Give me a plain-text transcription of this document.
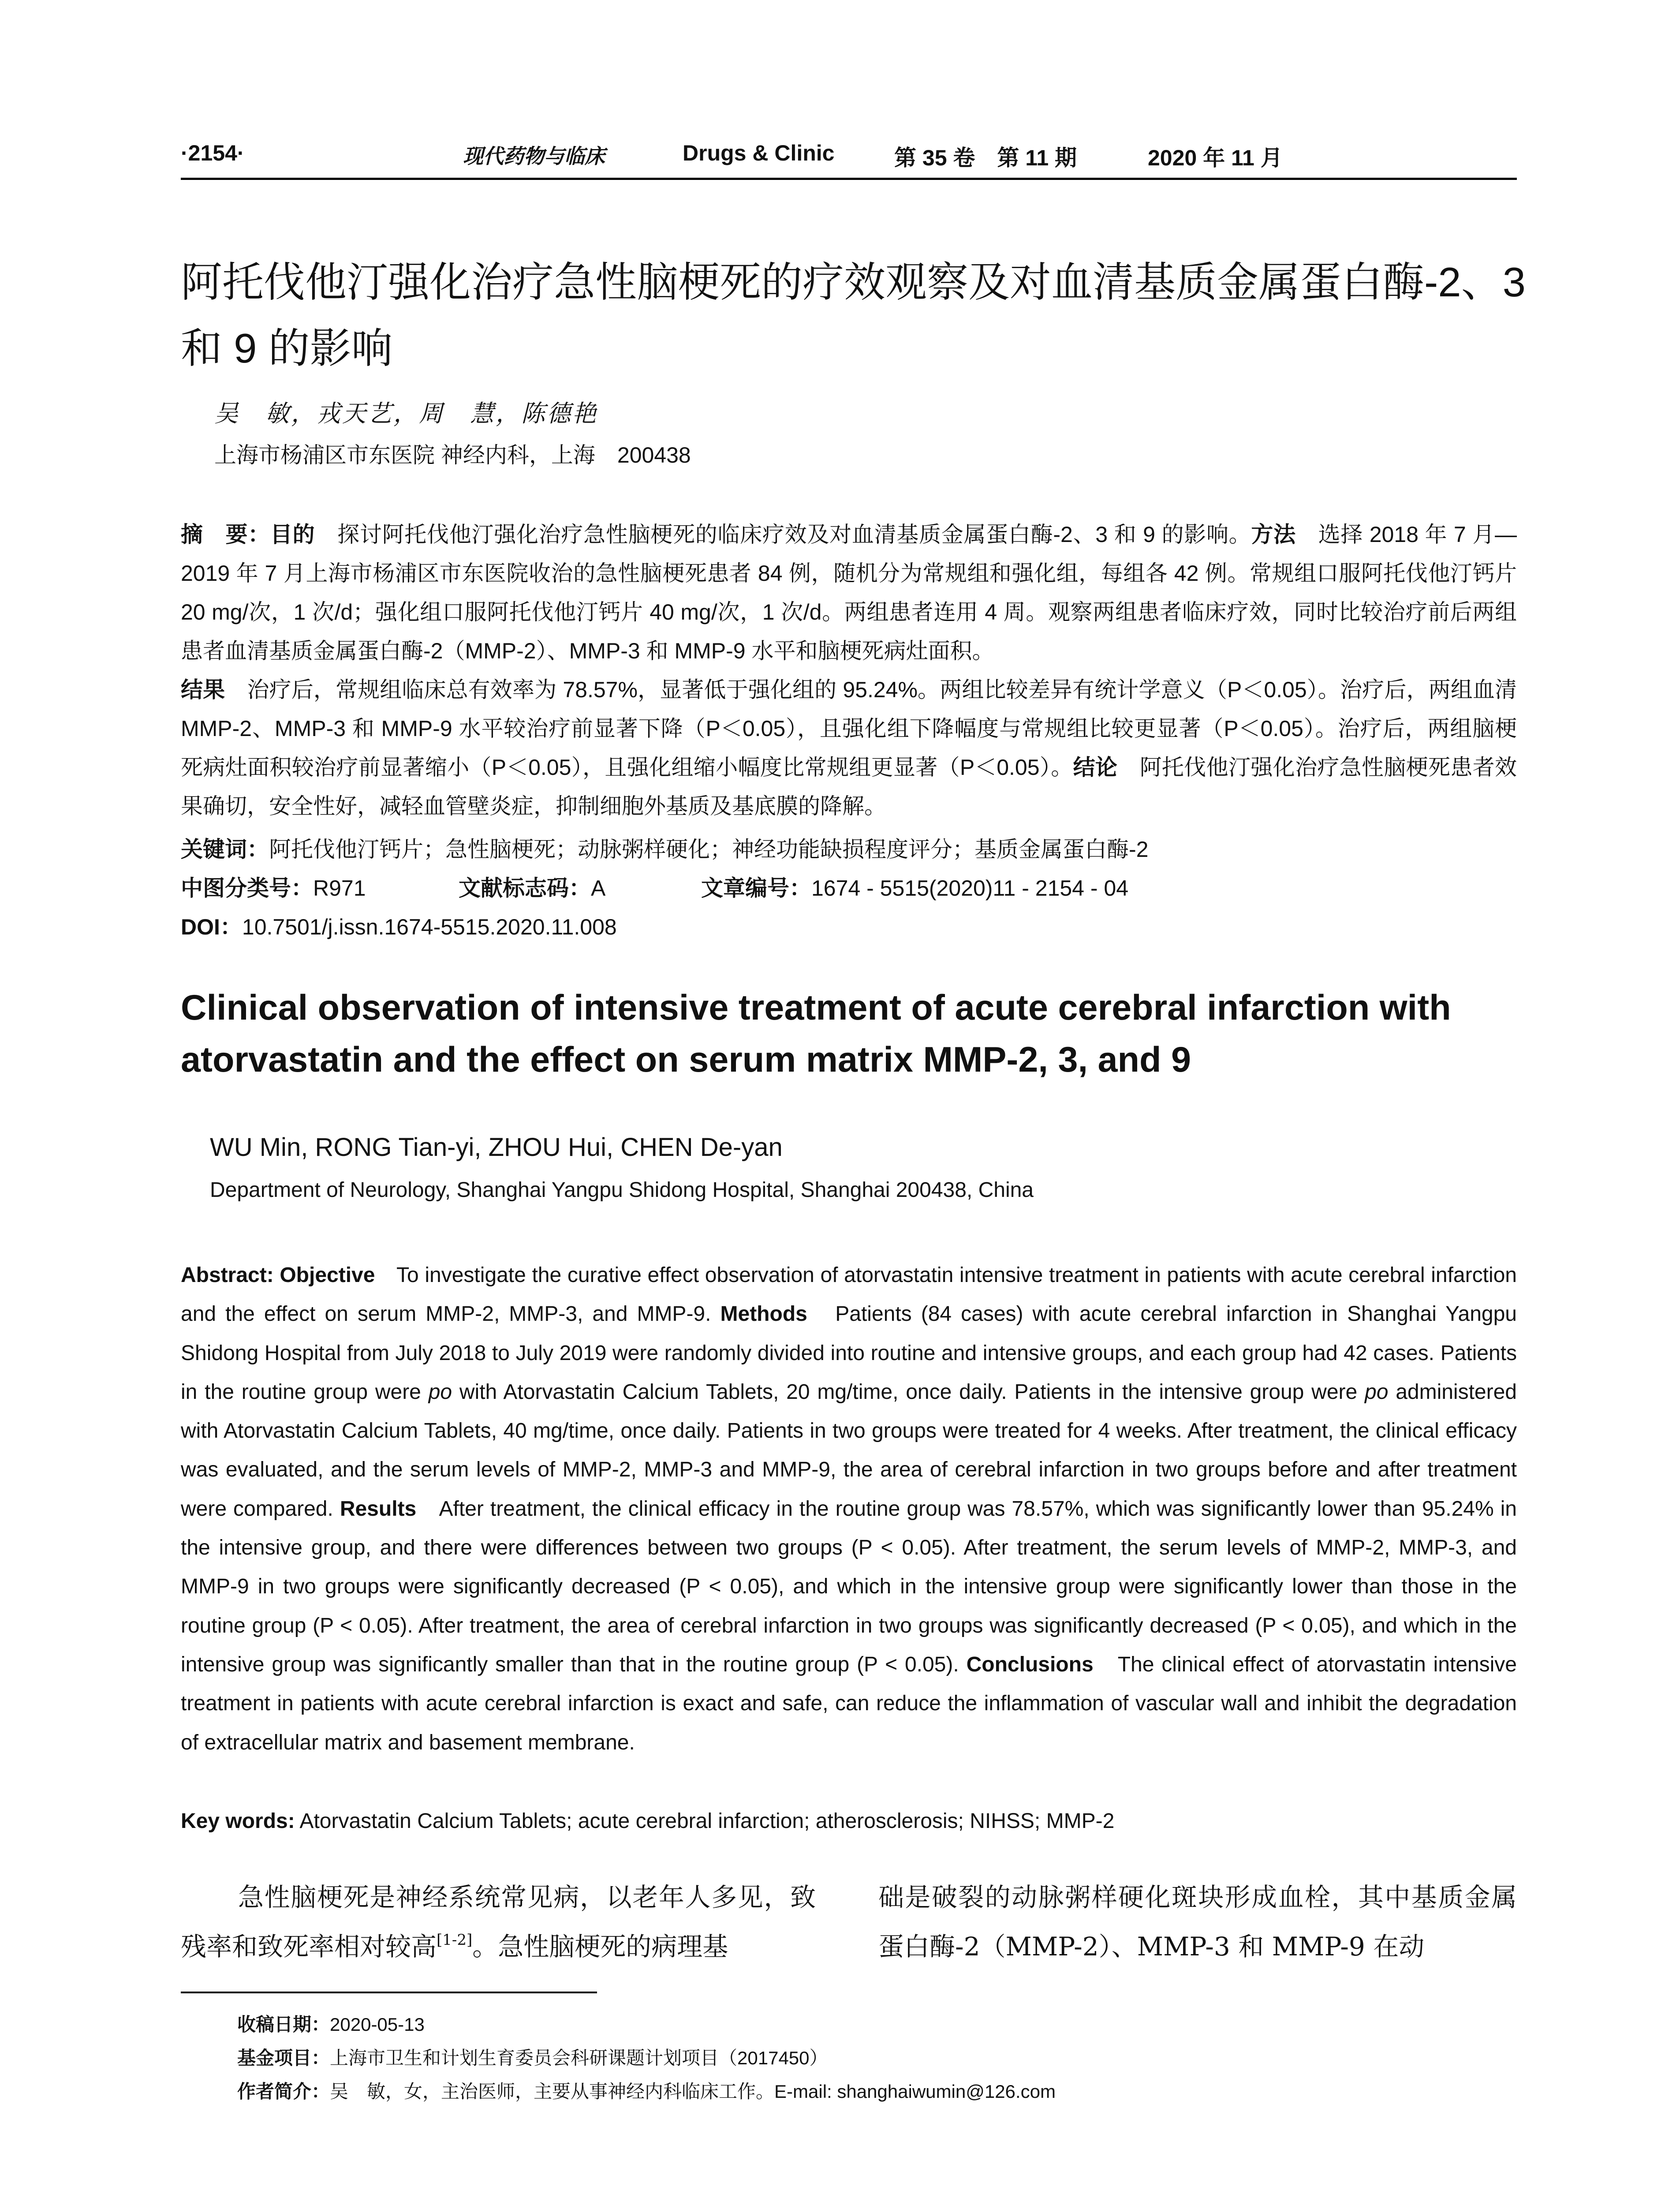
·2154·	现代药物与临床	Drugs & Clinic	第 35 卷　第 11 期	2020 年 11 月
阿托伐他汀强化治疗急性脑梗死的疗效观察及对血清基质金属蛋白酶-2、3
和 9 的影响
吴　敏，戎天艺，周　慧，陈德艳
上海市杨浦区市东医院 神经内科，上海　200438
摘　要：目的　探讨阿托伐他汀强化治疗急性脑梗死的临床疗效及对血清基质金属蛋白酶-2、3 和 9 的影响。方法　选择 2018 年 7 月—2019 年 7 月上海市杨浦区市东医院收治的急性脑梗死患者 84 例，随机分为常规组和强化组，每组各 42 例。常规组口服阿托伐他汀钙片 20 mg/次，1 次/d；强化组口服阿托伐他汀钙片 40 mg/次，1 次/d。两组患者连用 4 周。观察两组患者临床疗效，同时比较治疗前后两组患者血清基质金属蛋白酶-2（MMP-2）、MMP-3 和 MMP-9 水平和脑梗死病灶面积。
结果　治疗后，常规组临床总有效率为 78.57%，显著低于强化组的 95.24%。两组比较差异有统计学意义（P＜0.05）。治疗后，两组血清 MMP-2、MMP-3 和 MMP-9 水平较治疗前显著下降（P＜0.05），且强化组下降幅度与常规组比较更显著（P＜0.05）。治疗后，两组脑梗死病灶面积较治疗前显著缩小（P＜0.05），且强化组缩小幅度比常规组更显著（P＜0.05）。结论　阿托伐他汀强化治疗急性脑梗死患者效果确切，安全性好，减轻血管壁炎症，抑制细胞外基质及基底膜的降解。
关键词：阿托伐他汀钙片；急性脑梗死；动脉粥样硬化；神经功能缺损程度评分；基质金属蛋白酶-2
中图分类号：R971	文献标志码：A	文章编号：1674 - 5515(2020)11 - 2154 - 04
DOI：10.7501/j.issn.1674-5515.2020.11.008
Clinical observation of intensive treatment of acute cerebral infarction with
atorvastatin and the effect on serum matrix MMP-2, 3, and 9
WU Min, RONG Tian-yi, ZHOU Hui, CHEN De-yan
Department of Neurology, Shanghai Yangpu Shidong Hospital, Shanghai 200438, China
Abstract: Objective　To investigate the curative effect observation of atorvastatin intensive treatment in patients with acute cerebral infarction and the effect on serum MMP-2, MMP-3, and MMP-9. Methods　Patients (84 cases) with acute cerebral infarction in Shanghai Yangpu Shidong Hospital from July 2018 to July 2019 were randomly divided into routine and intensive groups, and each group had 42 cases. Patients in the routine group were po with Atorvastatin Calcium Tablets, 20 mg/time, once daily. Patients in the intensive group were po administered with Atorvastatin Calcium Tablets, 40 mg/time, once daily. Patients in two groups were treated for 4 weeks. After treatment, the clinical efficacy was evaluated, and the serum levels of MMP-2, MMP-3 and MMP-9, the area of cerebral infarction in two groups before and after treatment were compared. Results　After treatment, the clinical efficacy in the routine group was 78.57%, which was significantly lower than 95.24% in the intensive group, and there were differences between two groups (P < 0.05). After treatment, the serum levels of MMP-2, MMP-3, and MMP-9 in two groups were significantly decreased (P < 0.05), and which in the intensive group were significantly lower than those in the routine group (P < 0.05). After treatment, the area of cerebral infarction in two groups was significantly decreased (P < 0.05), and which in the intensive group was significantly smaller than that in the routine group (P < 0.05). Conclusions　The clinical effect of atorvastatin intensive treatment in patients with acute cerebral infarction is exact and safe, can reduce the inflammation of vascular wall and inhibit the degradation of extracellular matrix and basement membrane.
Key words: Atorvastatin Calcium Tablets; acute cerebral infarction; atherosclerosis; NIHSS; MMP-2
急性脑梗死是神经系统常见病，以老年人多见，致残率和致死率相对较高[1-2]。急性脑梗死的病理基
础是破裂的动脉粥样硬化斑块形成血栓，其中基质金属蛋白酶-2（MMP-2）、MMP-3 和 MMP-9 在动
收稿日期：2020-05-13
基金项目：上海市卫生和计划生育委员会科研课题计划项目（2017450）
作者简介：吴　敏，女，主治医师，主要从事神经内科临床工作。E-mail: shanghaiwumin@126.com
